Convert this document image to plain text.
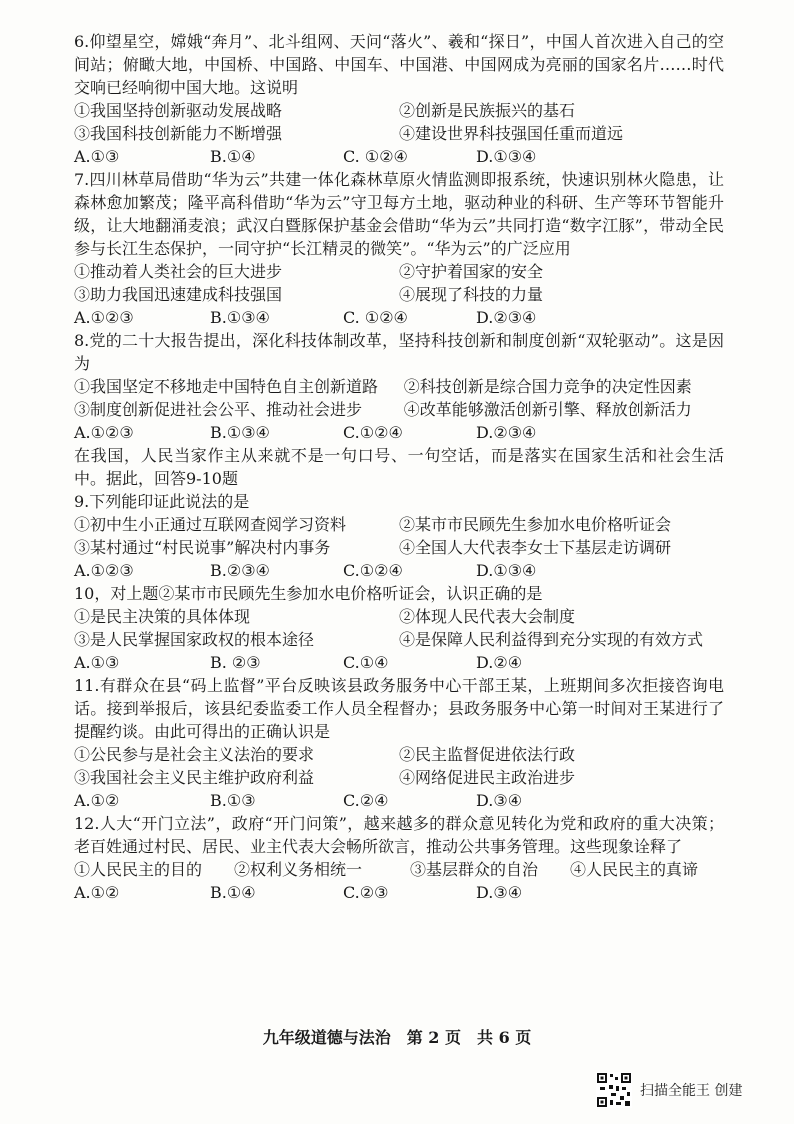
6.仰望星空，嫦娥“奔月”、北斗组网、天问“落火”、羲和“探日”，中国人首次进入自己的空间站；俯瞰大地，中国桥、中国路、中国车、中国港、中国网成为亮丽的国家名片……时代交响已经响彻中国大地。这说明

①我国坚持创新驱动发展战略	②创新是民族振兴的基石
③我国科技创新能力不断增强	④建设世界科技强国任重而道远
A.①③	B.①④	C. ①②④	D.①③④

7.四川林草局借助“华为云”共建一体化森林草原火情监测即报系统，快速识别林火隐患，让森林愈加繁茂；隆平高科借助“华为云”守卫每方土地，驱动种业的科研、生产等环节智能升级，让大地翻涌麦浪；武汉白暨豚保护基金会借助“华为云”共同打造“数字江豚”，带动全民参与长江生态保护，一同守护“长江精灵的微笑”。“华为云”的广泛应用

①推动着人类社会的巨大进步	②守护着国家的安全
③助力我国迅速建成科技强国	④展现了科技的力量
A.①②③	B.①③④	C. ①②④	D.②③④

8.党的二十大报告提出，深化科技体制改革，坚持科技创新和制度创新“双轮驱动”。这是因为

①我国坚定不移地走中国特色自主创新道路	②科技创新是综合国力竞争的决定性因素
③制度创新促进社会公平、推动社会进步	④改革能够激活创新引擎、释放创新活力
A.①②③	B.①③④	C.①②④	D.②③④

在我国，人民当家作主从来就不是一句口号、一句空话，而是落实在国家生活和社会生活中。据此，回答9-10题

9.下列能印证此说法的是

①初中生小正通过互联网查阅学习资料	②某市市民顾先生参加水电价格听证会
③某村通过“村民说事”解决村内事务	④全国人大代表李女士下基层走访调研
A.①②③	B.②③④	C.①②④	D.①③④

10，对上题②某市市民顾先生参加水电价格听证会，认识正确的是

①是民主决策的具体体现	②体现人民代表大会制度
③是人民掌握国家政权的根本途径	④是保障人民利益得到充分实现的有效方式
A.①③	B. ②③	C.①④	D.②④

11.有群众在县“码上监督”平台反映该县政务服务中心干部王某，上班期间多次拒接咨询电话。接到举报后，该县纪委监委工作人员全程督办；县政务服务中心第一时间对王某进行了提醒约谈。由此可得出的正确认识是

①公民参与是社会主义法治的要求	②民主监督促进依法行政
③我国社会主义民主维护政府利益	④网络促进民主政治进步
A.①②	B.①③	C.②④	D.③④

12.人大“开门立法”，政府“开门问策”，越来越多的群众意见转化为党和政府的重大决策；老百姓通过村民、居民、业主代表大会畅所欲言，推动公共事务管理。这些现象诠释了

①人民民主的目的	②权利义务相统一	③基层群众的自治	④人民民主的真谛
A.①②	B.①④	C.②③	D.③④
九年级道德与法治　第 2 页　共 6 页
扫描全能王 创建
